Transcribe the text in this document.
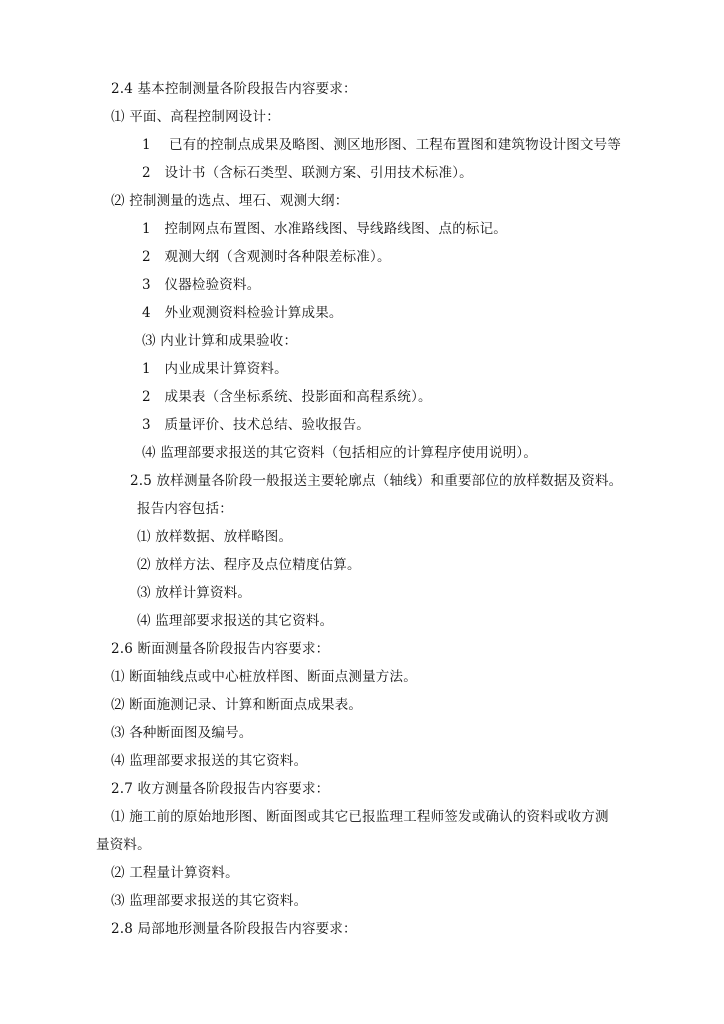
2.4 基本控制测量各阶段报告内容要求：
⑴ 平面、高程控制网设计：
1　 已有的控制点成果及略图、测区地形图、工程布置图和建筑物设计图文号等
2　设计书（含标石类型、联测方案、引用技术标准）。
⑵ 控制测量的选点、埋石、观测大纲：
1　控制网点布置图、水准路线图、导线路线图、点的标记。
2　观测大纲（含观测时各种限差标准）。
3　仪器检验资料。
4　外业观测资料检验计算成果。
⑶ 内业计算和成果验收：
1　内业成果计算资料。
2　成果表（含坐标系统、投影面和高程系统）。
3　质量评价、技术总结、验收报告。
⑷ 监理部要求报送的其它资料（包括相应的计算程序使用说明）。
2.5 放样测量各阶段一般报送主要轮廓点（轴线）和重要部位的放样数据及资料。
报告内容包括：
⑴ 放样数据、放样略图。
⑵ 放样方法、程序及点位精度估算。
⑶ 放样计算资料。
⑷ 监理部要求报送的其它资料。
2.6 断面测量各阶段报告内容要求：
⑴ 断面轴线点或中心桩放样图、断面点测量方法。
⑵ 断面施测记录、计算和断面点成果表。
⑶ 各种断面图及编号。
⑷ 监理部要求报送的其它资料。
2.7 收方测量各阶段报告内容要求：
⑴ 施工前的原始地形图、断面图或其它已报监理工程师签发或确认的资料或收方测
量资料。
⑵ 工程量计算资料。
⑶ 监理部要求报送的其它资料。
2.8 局部地形测量各阶段报告内容要求：
